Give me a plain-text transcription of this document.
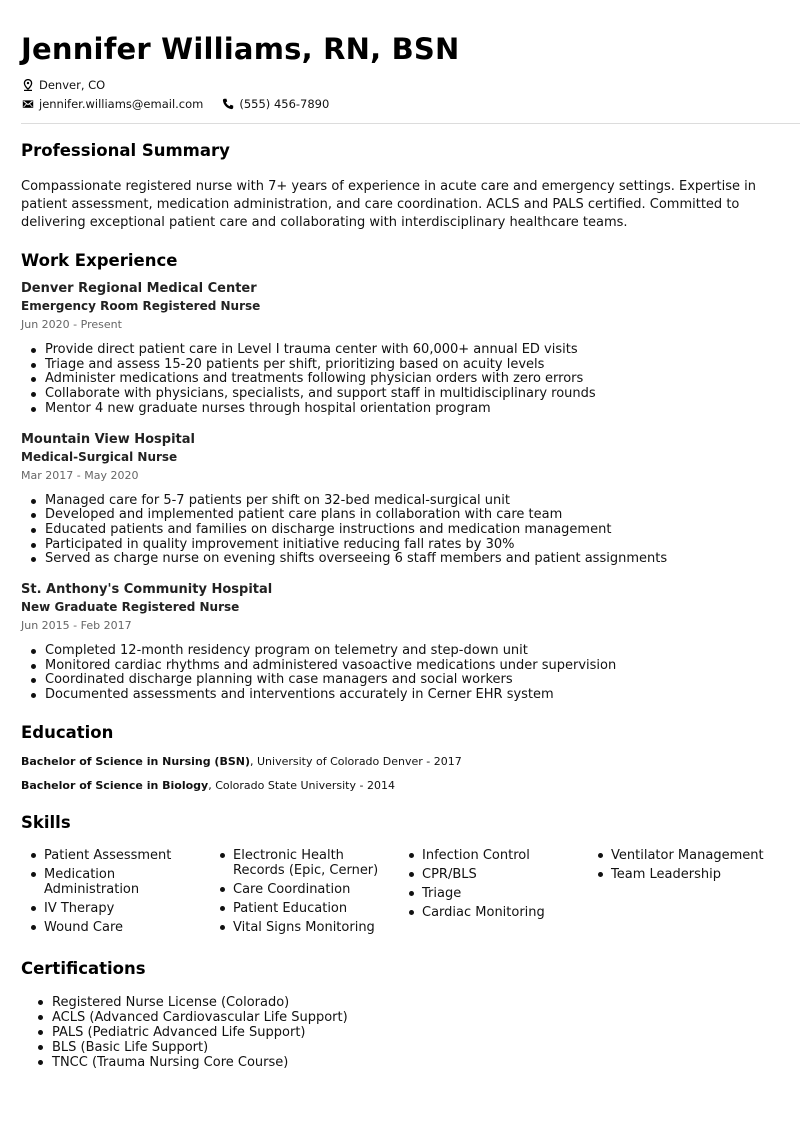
Jennifer Williams, RN, BSN
Denver, CO
jennifer.williams@email.com	(555) 456-7890
Professional Summary
Compassionate registered nurse with 7+ years of experience in acute care and emergency settings. Expertise in patient assessment, medication administration, and care coordination. ACLS and PALS certified. Committed to delivering exceptional patient care and collaborating with interdisciplinary healthcare teams.
Work Experience
Denver Regional Medical Center
Emergency Room Registered Nurse
Jun 2020 - Present
Provide direct patient care in Level I trauma center with 60,000+ annual ED visits
Triage and assess 15-20 patients per shift, prioritizing based on acuity levels
Administer medications and treatments following physician orders with zero errors
Collaborate with physicians, specialists, and support staff in multidisciplinary rounds
Mentor 4 new graduate nurses through hospital orientation program
Mountain View Hospital
Medical-Surgical Nurse
Mar 2017 - May 2020
Managed care for 5-7 patients per shift on 32-bed medical-surgical unit
Developed and implemented patient care plans in collaboration with care team
Educated patients and families on discharge instructions and medication management
Participated in quality improvement initiative reducing fall rates by 30%
Served as charge nurse on evening shifts overseeing 6 staff members and patient assignments
St. Anthony's Community Hospital
New Graduate Registered Nurse
Jun 2015 - Feb 2017
Completed 12-month residency program on telemetry and step-down unit
Monitored cardiac rhythms and administered vasoactive medications under supervision
Coordinated discharge planning with case managers and social workers
Documented assessments and interventions accurately in Cerner EHR system
Education
Bachelor of Science in Nursing (BSN), University of Colorado Denver - 2017
Bachelor of Science in Biology, Colorado State University - 2014
Skills
Patient Assessment
Medication Administration
IV Therapy
Wound Care
Electronic Health Records (Epic, Cerner)
Care Coordination
Patient Education
Vital Signs Monitoring
Infection Control
CPR/BLS
Triage
Cardiac Monitoring
Ventilator Management
Team Leadership
Certifications
Registered Nurse License (Colorado)
ACLS (Advanced Cardiovascular Life Support)
PALS (Pediatric Advanced Life Support)
BLS (Basic Life Support)
TNCC (Trauma Nursing Core Course)
